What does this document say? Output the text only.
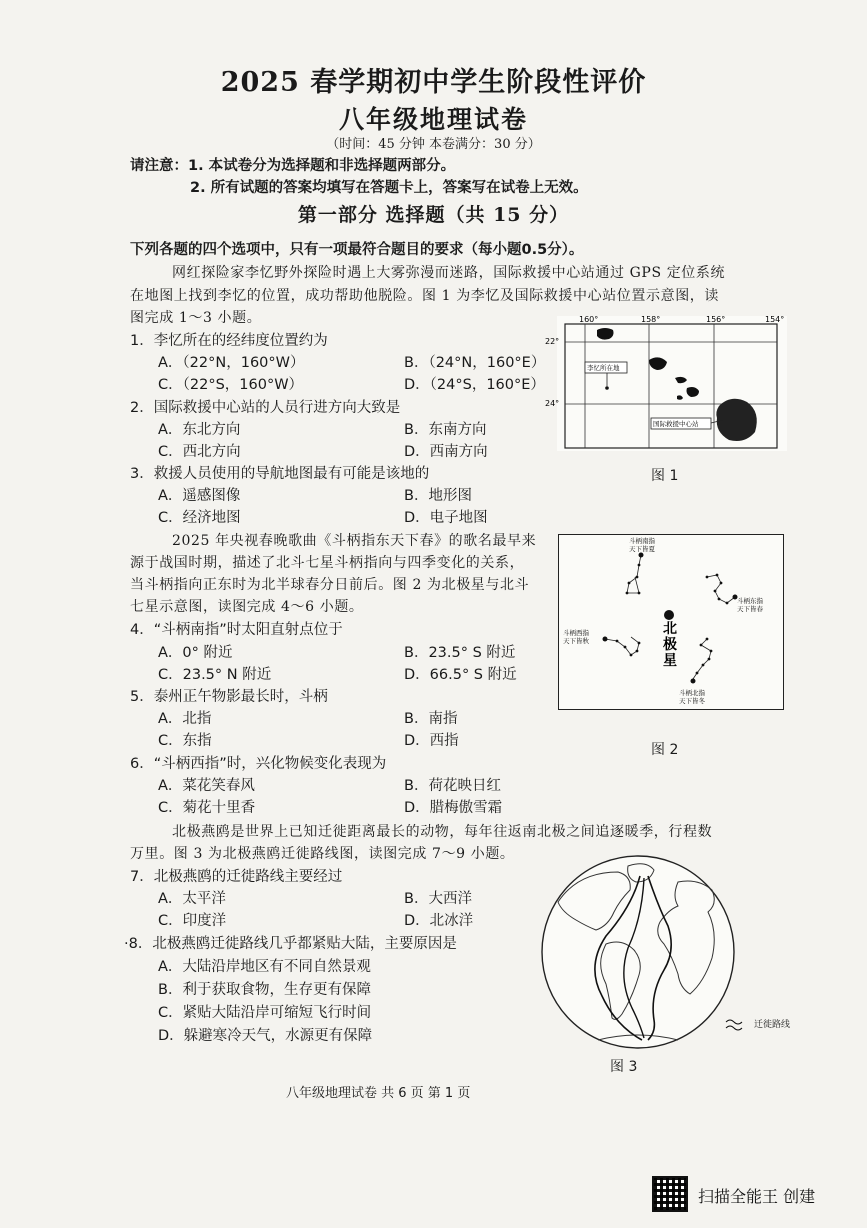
2025 春学期初中学生阶段性评价
八年级地理试卷
（时间：45 分钟 本卷满分：30 分）
请注意：1. 本试卷分为选择题和非选择题两部分。
2. 所有试题的答案均填写在答题卡上，答案写在试卷上无效。
第一部分 选择题（共 15 分）
下列各题的四个选项中，只有一项最符合题目的要求（每小题0.5分）。
网红探险家李忆野外探险时遇上大雾弥漫而迷路，国际救援中心站通过 GPS 定位系统
在地图上找到李忆的位置，成功帮助他脱险。图 1 为李忆及国际救援中心站位置示意图，读
图完成 1～3 小题。
1．李忆所在的经纬度位置约为
A．（22°N，160°W）	B．（24°N，160°E）
C．（22°S，160°W）	D．（24°S，160°E）
2．国际救援中心站的人员行进方向大致是
A．东北方向	B．东南方向
C．西北方向	D．西南方向
3．救援人员使用的导航地图最有可能是该地的
A．遥感图像	B．地形图
C．经济地图	D．电子地图
2025 年央视春晚歌曲《斗柄指东天下春》的歌名最早来
源于战国时期，描述了北斗七星斗柄指向与四季变化的关系，
当斗柄指向正东时为北半球春分日前后。图 2 为北极星与北斗
七星示意图，读图完成 4～6 小题。
4．“斗柄南指”时太阳直射点位于
A．0° 附近	B．23.5° S 附近
C．23.5° N 附近	D．66.5° S 附近
5．泰州正午物影最长时，斗柄
A．北指	B．南指
C．东指	D．西指
6．“斗柄西指”时，兴化物候变化表现为
A．菜花笑春风	B．荷花映日红
C．菊花十里香	D．腊梅傲雪霜
北极燕鸥是世界上已知迁徙距离最长的动物，每年往返南北极之间追逐暖季，行程数
万里。图 3 为北极燕鸥迁徙路线图，读图完成 7～9 小题。
7．北极燕鸥的迁徙路线主要经过
A．太平洋	B．大西洋
C．印度洋	D．北冰洋
·8．北极燕鸥迁徙路线几乎都紧贴大陆，主要原因是
A．大陆沿岸地区有不同自然景观
B．利于获取食物，生存更有保障
C．紧贴大陆沿岸可缩短飞行时间
D．躲避寒冷天气，水源更有保障
160°	158°	156°	154°
22°
24°
李忆所在地
国际救援中心站
图 1
北
极
星
斗柄南指
天下皆夏
斗柄东指
天下皆春
斗柄西指
天下皆秋
斗柄北指
天下皆冬
图 2
迁徙路线
图 3
八年级地理试卷 共 6 页 第 1 页
扫描全能王 创建
